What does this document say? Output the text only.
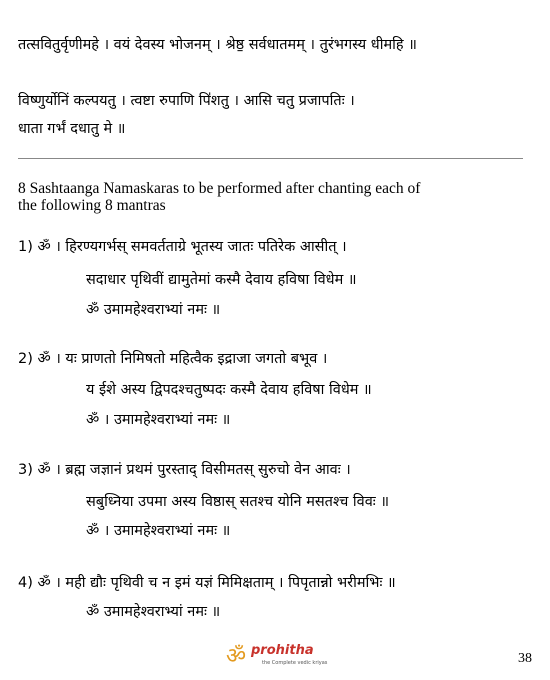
तत्सवितुर्वृणीमहे । वयं देवस्य भोजनम् । श्रेष्ठ॒ सर्वधातमम् । तुरंभगस्य धीमहि ॥
विष्णुर्योनिं कल्पयतु । त्वष्टा रुपाणि पि॑शतु । आसि चतु प्रजापतिः ।
धाता गर्भं दधातु मे ॥
8 Sashtaanga Namaskaras to be performed after chanting each of
the following 8 mantras
1) ॐ । हिरण्यगर्भस् समवर्तताग्रे भूतस्य जातः पतिरेक आसीत् ।
सदाधार पृथिवीं द्यामुतेमां कस्मै देवाय हविषा विधेम ॥
ॐ उमामहेश्वराभ्यां नमः ॥
2) ॐ । यः प्राणतो निमिषतो महित्वैक इद्राजा जगतो बभूव ।
य ईशे अस्य द्विपदश्चतुष्पदः कस्मै देवाय हविषा विधेम ॥
ॐ । उमामहेश्वराभ्यां नमः ॥
3) ॐ । ब्रह्म जज्ञानं प्रथमं पुरस्ताद् विसीमतस् सुरुचो वेन आवः ।
सबुध्निया उपमा अस्य विष्ठास् सतश्च योनि मसतश्च विवः ॥
ॐ । उमामहेश्वराभ्यां नमः ॥
4) ॐ । मही द्यौः पृथिवी च न इमं यज्ञं मिमिक्षताम् । पिपृतान्नो भरीमभिः ॥
ॐ उमामहेश्वराभ्यां नमः ॥
ॐ prohitha
the Complete vedic kriyas	38
